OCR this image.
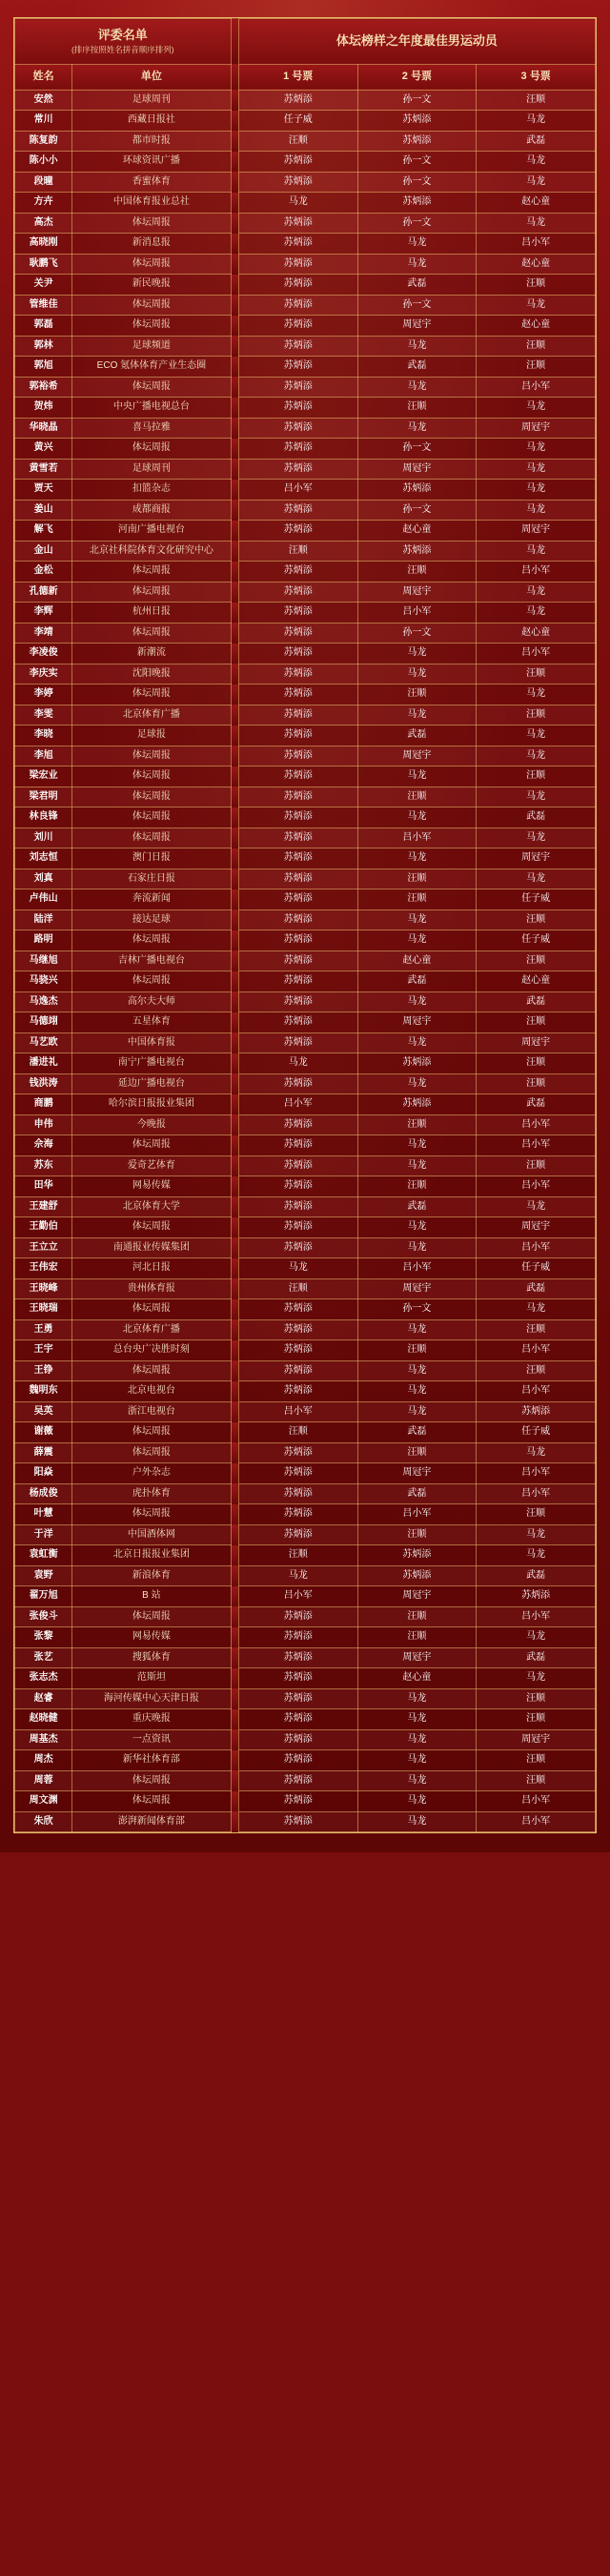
评委名单
(排序按照姓名拼音顺序排列)			体坛榜样之年度最佳男运动员		
姓名	单位		1 号票	2 号票	3 号票
安然	足球周刊		苏炳添	孙一文	汪顺
常川	西藏日报社		任子威	苏炳添	马龙
陈复韵	都市时报		汪顺	苏炳添	武磊
陈小小	环球资讯广播		苏炳添	孙一文	马龙
段曈	香蜜体育		苏炳添	孙一文	马龙
方卉	中国体育报业总社		马龙	苏炳添	赵心童
高杰	体坛周报		苏炳添	孙一文	马龙
高晓刚	新消息报		苏炳添	马龙	吕小军
耿鹏飞	体坛周报		苏炳添	马龙	赵心童
关尹	新民晚报		苏炳添	武磊	汪顺
管维佳	体坛周报		苏炳添	孙一文	马龙
郭磊	体坛周报		苏炳添	周冠宇	赵心童
郭林	足球频道		苏炳添	马龙	汪顺
郭旭	ECO 氪体体育产业生态圈		苏炳添	武磊	汪顺
郭裕希	体坛周报		苏炳添	马龙	吕小军
贺炜	中央广播电视总台		苏炳添	汪顺	马龙
华晓晶	喜马拉雅		苏炳添	马龙	周冠宇
黄兴	体坛周报		苏炳添	孙一文	马龙
黄雪若	足球周刊		苏炳添	周冠宇	马龙
贾天	扣篮杂志		吕小军	苏炳添	马龙
姜山	成都商报		苏炳添	孙一文	马龙
解飞	河南广播电视台		苏炳添	赵心童	周冠宇
金山	北京社科院体育文化研究中心		汪顺	苏炳添	马龙
金松	体坛周报		苏炳添	汪顺	吕小军
孔德新	体坛周报		苏炳添	周冠宇	马龙
李辉	杭州日报		苏炳添	吕小军	马龙
李靖	体坛周报		苏炳添	孙一文	赵心童
李凌俊	新潮流		苏炳添	马龙	吕小军
李庆实	沈阳晚报		苏炳添	马龙	汪顺
李婷	体坛周报		苏炳添	汪顺	马龙
李雯	北京体育广播		苏炳添	马龙	汪顺
李晓	足球报		苏炳添	武磊	马龙
李旭	体坛周报		苏炳添	周冠宇	马龙
梁宏业	体坛周报		苏炳添	马龙	汪顺
梁君明	体坛周报		苏炳添	汪顺	马龙
林良锋	体坛周报		苏炳添	马龙	武磊
刘川	体坛周报		苏炳添	吕小军	马龙
刘志恒	澳门日报		苏炳添	马龙	周冠宇
刘真	石家庄日报		苏炳添	汪顺	马龙
卢伟山	奔流新闻		苏炳添	汪顺	任子威
陆洋	接达足球		苏炳添	马龙	汪顺
路明	体坛周报		苏炳添	马龙	任子威
马继旭	吉林广播电视台		苏炳添	赵心童	汪顺
马骁兴	体坛周报		苏炳添	武磊	赵心童
马逸杰	高尔夫大师		苏炳添	马龙	武磊
马德翊	五星体育		苏炳添	周冠宇	汪顺
马艺欧	中国体育报		苏炳添	马龙	周冠宇
潘进礼	南宁广播电视台		马龙	苏炳添	汪顺
钱洪涛	延边广播电视台		苏炳添	马龙	汪顺
商鹏	哈尔滨日报报业集团		吕小军	苏炳添	武磊
申伟	今晚报		苏炳添	汪顺	吕小军
佘海	体坛周报		苏炳添	马龙	吕小军
苏东	爱奇艺体育		苏炳添	马龙	汪顺
田华	网易传媒		苏炳添	汪顺	吕小军
王建舒	北京体育大学		苏炳添	武磊	马龙
王勤伯	体坛周报		苏炳添	马龙	周冠宇
王立立	南通报业传媒集团		苏炳添	马龙	吕小军
王伟宏	河北日报		马龙	吕小军	任子威
王晓峰	贵州体育报		汪顺	周冠宇	武磊
王晓瑞	体坛周报		苏炳添	孙一文	马龙
王勇	北京体育广播		苏炳添	马龙	汪顺
王宇	总台央广决胜时刻		苏炳添	汪顺	吕小军
王铮	体坛周报		苏炳添	马龙	汪顺
魏明东	北京电视台		苏炳添	马龙	吕小军
吴英	浙江电视台		吕小军	马龙	苏炳添
谢薇	体坛周报		汪顺	武磊	任子威
薛震	体坛周报		苏炳添	汪顺	马龙
阳焱	户外杂志		苏炳添	周冠宇	吕小军
杨成俊	虎扑体育		苏炳添	武磊	吕小军
叶慧	体坛周报		苏炳添	吕小军	汪顺
于洋	中国酒体网		苏炳添	汪顺	马龙
袁虹衡	北京日报报业集团		汪顺	苏炳添	马龙
袁野	新浪体育		马龙	苏炳添	武磊
翟万旭	B 站		吕小军	周冠宇	苏炳添
张俊斗	体坛周报		苏炳添	汪顺	吕小军
张黎	网易传媒		苏炳添	汪顺	马龙
张艺	搜狐体育		苏炳添	周冠宇	武磊
张志杰	范斯坦		苏炳添	赵心童	马龙
赵睿	海河传媒中心天津日报		苏炳添	马龙	汪顺
赵晓健	重庆晚报		苏炳添	马龙	汪顺
周基杰	一点资讯		苏炳添	马龙	周冠宇
周杰	新华社体育部		苏炳添	马龙	汪顺
周蓉	体坛周报		苏炳添	马龙	汪顺
周文渊	体坛周报		苏炳添	马龙	吕小军
朱欣	澎湃新闻体育部		苏炳添	马龙	吕小军
